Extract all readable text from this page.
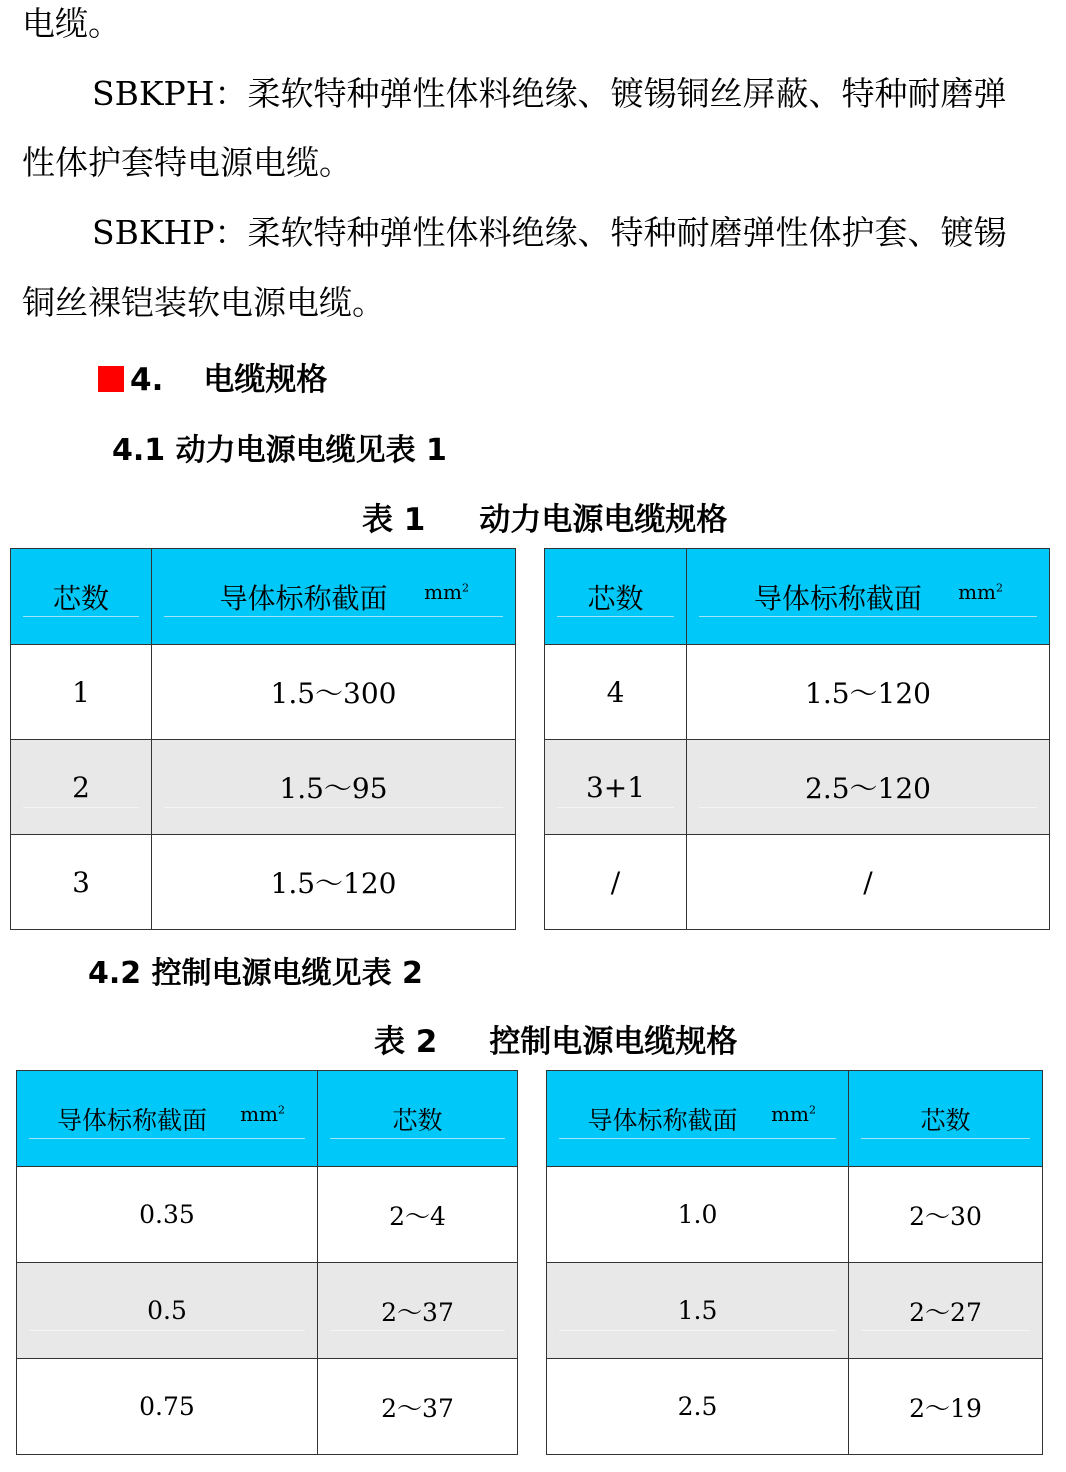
电缆。
SBKPH：柔软特种弹性体料绝缘、镀锡铜丝屏蔽、特种耐磨弹
性体护套特电源电缆。
SBKHP：柔软特种弹性体料绝缘、特种耐磨弹性体护套、镀锡
铜丝裸铠装软电源电缆。
4. 电缆规格
4.1 动力电源电缆见表 1
表 1 动力电源电缆规格
芯数	导体标称截面 $mm^2$		芯数	导体标称截面 $mm^2$

1	1.5～300		4	1.5～120

2	1.5～95		3+1	2.5～120
3	1.5～120		/	/
4.2 控制电源电缆见表 2
表 2 控制电源电缆规格
导体标称截面 $mm^2$	芯数		导体标称截面 $mm^2$	芯数
0.35	2～4		1.0	2～30

0.5	2～37		1.5	2～27
0.75	2～37		2.5	2～19
